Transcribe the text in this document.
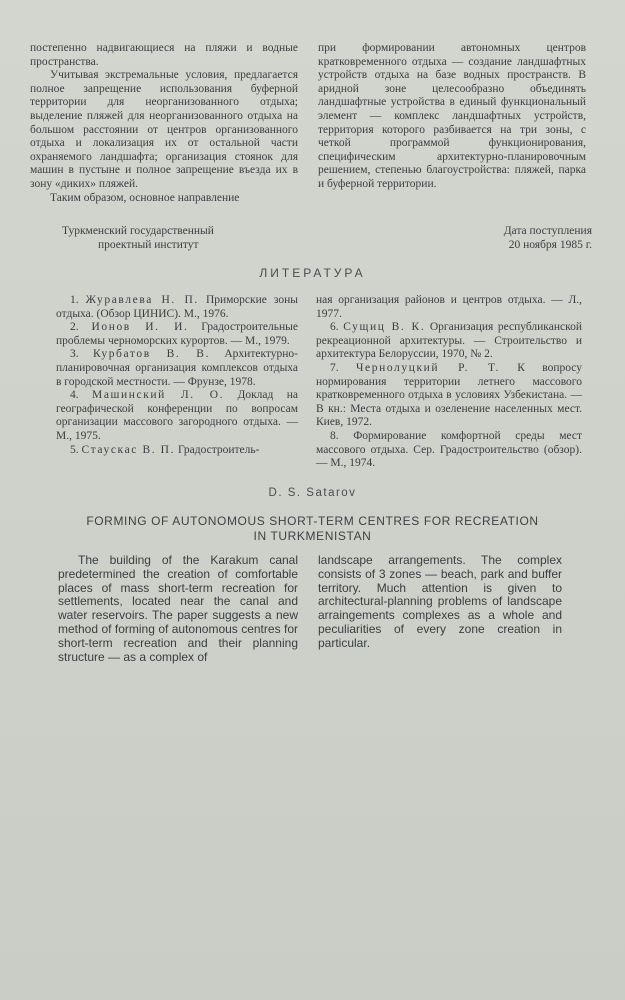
постепенно надвигающиеся на пляжи и водные пространства.

Учитывая экстремальные условия, предлагается полное запрещение использования буферной территории для неорганизованного отдыха; выделение пляжей для неорганизованного отдыха на большом расстоянии от центров организованного отдыха и локализация их от остальной части охраняемого ландшафта; организация стоянок для машин в пустыне и полное запрещение въезда их в зону «диких» пляжей.

Таким образом, основное направление

при формировании автономных центров кратковременного отдыха — создание ландшафтных устройств отдыха на базе водных пространств. В аридной зоне целесообразно объединять ландшафтные устройства в единый функциональный элемент — комплекс ландшафтных устройств, территория которого разбивается на три зоны, с четкой программой функционирования, специфическим архитектурно-планировочным решением, степенью благоустройства: пляжей, парка и буферной территории.

Туркменский государственный
проектный институт
Дата поступления
20 ноября 1985 г.
ЛИТЕРАТУРА

1. Журавлева Н. П. Приморские зоны отдыха. (Обзор ЦИНИС). М., 1976.

2. Ионов И. И. Градостроительные проблемы черноморских курортов. — М., 1979.

3. Курбатов В. В. Архитектурно-планировочная организация комплексов отдыха в городской местности. — Фрунзе, 1978.

4. Машинский Л. О. Доклад на географической конференции по вопросам организации массового загородного отдыха. — М., 1975.

5. Стаускас В. П. Градостроитель-

ная организация районов и центров отдыха. — Л., 1977.

6. Сущиц В. К. Организация республиканской рекреационной архитектуры. — Строительство и архитектура Белоруссии, 1970, № 2.

7. Чернолуцкий Р. Т. К вопросу нормирования территории летнего массового кратковременного отдыха в условиях Узбекистана. — В кн.: Места отдыха и озеленение населенных мест. Киев, 1972.

8. Формирование комфортной среды мест массового отдыха. Сер. Градостроительство (обзор). — М., 1974.

D. S. Satarov
FORMING OF AUTONOMOUS SHORT-TERM CENTRES FOR RECREATION
IN TURKMENISTAN

The building of the Karakum canal predetermined the creation of comfortable places of mass short-term recreation for settlements, located near the canal and water reservoirs. The paper suggests a new method of forming of autonomous centres for short-term recreation and their planning structure — as a complex of

landscape arrangements. The complex consists of 3 zones — beach, park and buffer territory. Much attention is given to architectural-planning problems of landscape arraingements complexes as a whole and peculiarities of every zone creation in particular.
